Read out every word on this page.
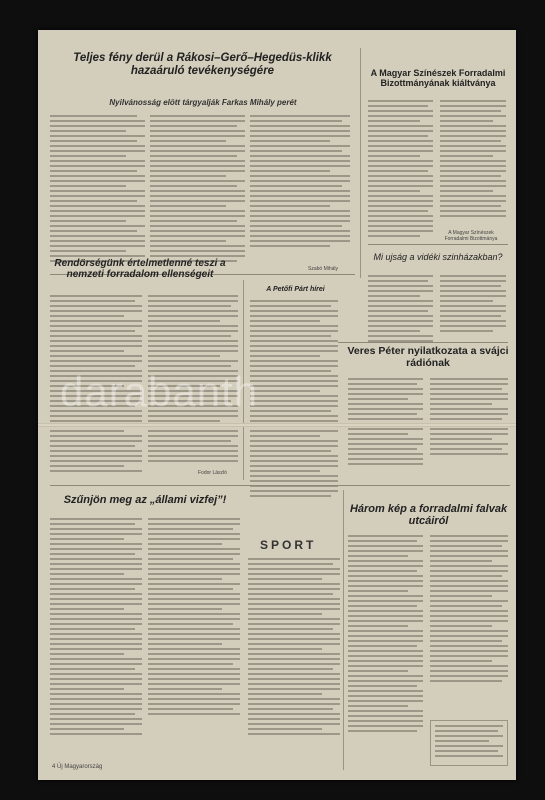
Teljes fény derül a Rákosi–Gerő–Hegedüs-klikk hazaáruló tevékenységére
Nyilvánosság elött tárgyalják Farkas Mihály perét
Szabó Mihály
A Magyar Színészek Forradalmi Bizottmányának kiáltványa
A Magyar Színészek Forradalmi Bizottmánya
Mi ujság a vidéki szinházakban?
Rendörségünk értelmetlenné teszi a nemzeti forradalom ellenségeit
Fodor László
A Petőfi Párt hírei
Veres Péter nyilatkozata a svájci rádiónak
Szűnjön meg az „állami vizfej”!
SPORT
Három kép a forradalmi falvak utcáiról
4 Új Magyarország
darabanth
